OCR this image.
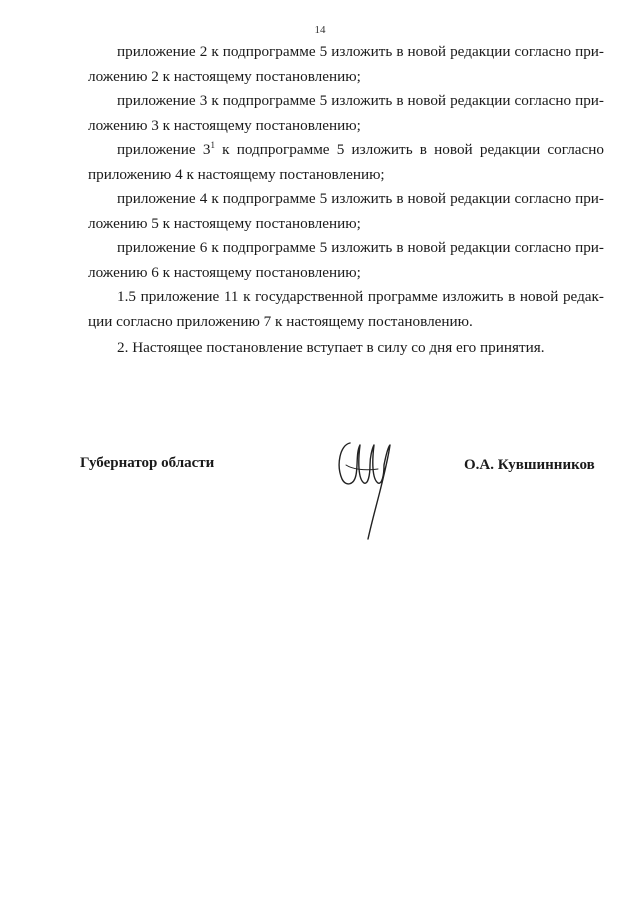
14

приложение 2 к подпрограмме 5 изложить в новой редакции согласно при-
ложению 2 к настоящему постановлению;

приложение 3 к подпрограмме 5 изложить в новой редакции согласно при-
ложению 3 к настоящему постановлению;

приложение $3^1$ к подпрограмме 5 изложить в новой редакции согласно
приложению 4 к настоящему постановлению;

приложение 4 к подпрограмме 5 изложить в новой редакции согласно при-
ложению 5 к настоящему постановлению;

приложение 6 к подпрограмме 5 изложить в новой редакции согласно при-
ложению 6 к настоящему постановлению;

1.5 приложение 11 к государственной программе изложить в новой редак-
ции согласно приложению 7 к настоящему постановлению.

2. Настоящее постановление вступает в силу со дня его принятия.

Губернатор области	О.А. Кувшинников
